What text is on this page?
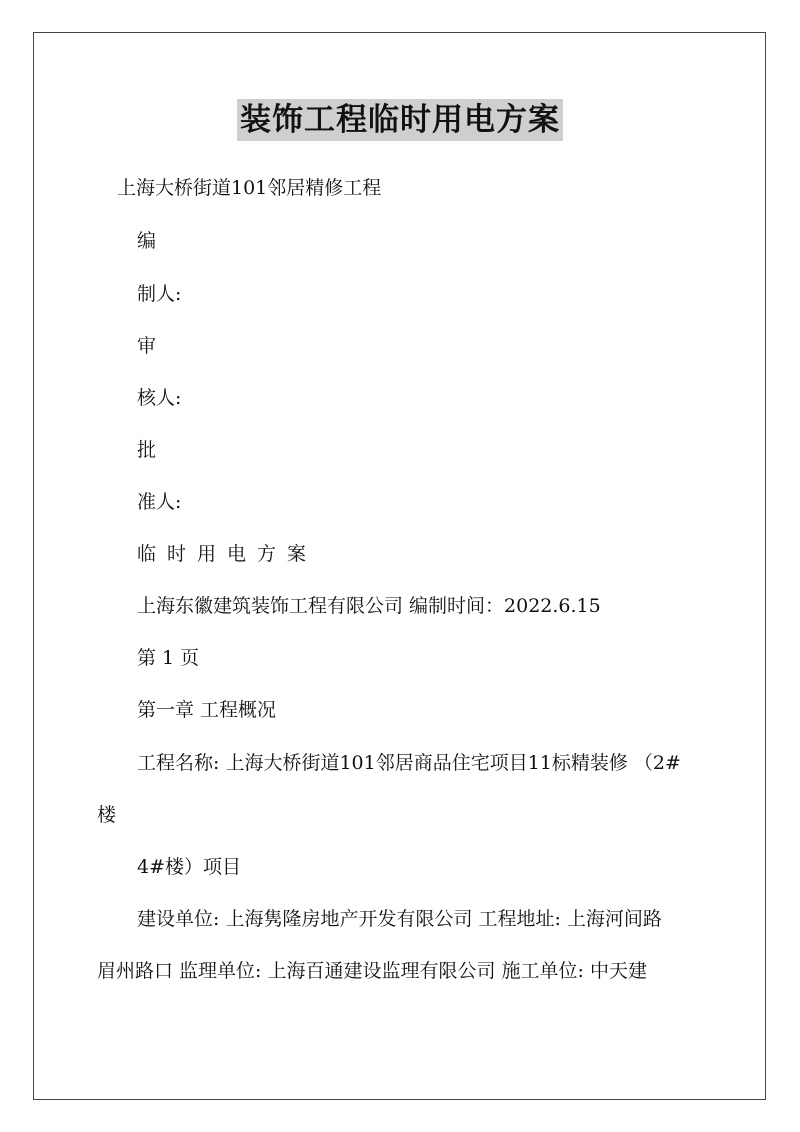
装饰工程临时用电方案
上海大桥街道101邻居精修工程
编
制人:
审
核人:
批
准人:
临时用电方案
上海东徽建筑装饰工程有限公司 编制时间：2022.6.15
第 1 页
第一章 工程概况
工程名称: 上海大桥街道101邻居商品住宅项目11标精装修 （2#
楼
4#楼）项目
建设单位: 上海隽隆房地产开发有限公司 工程地址: 上海河间路
眉州路口 监理单位: 上海百通建设监理有限公司 施工单位: 中天建
